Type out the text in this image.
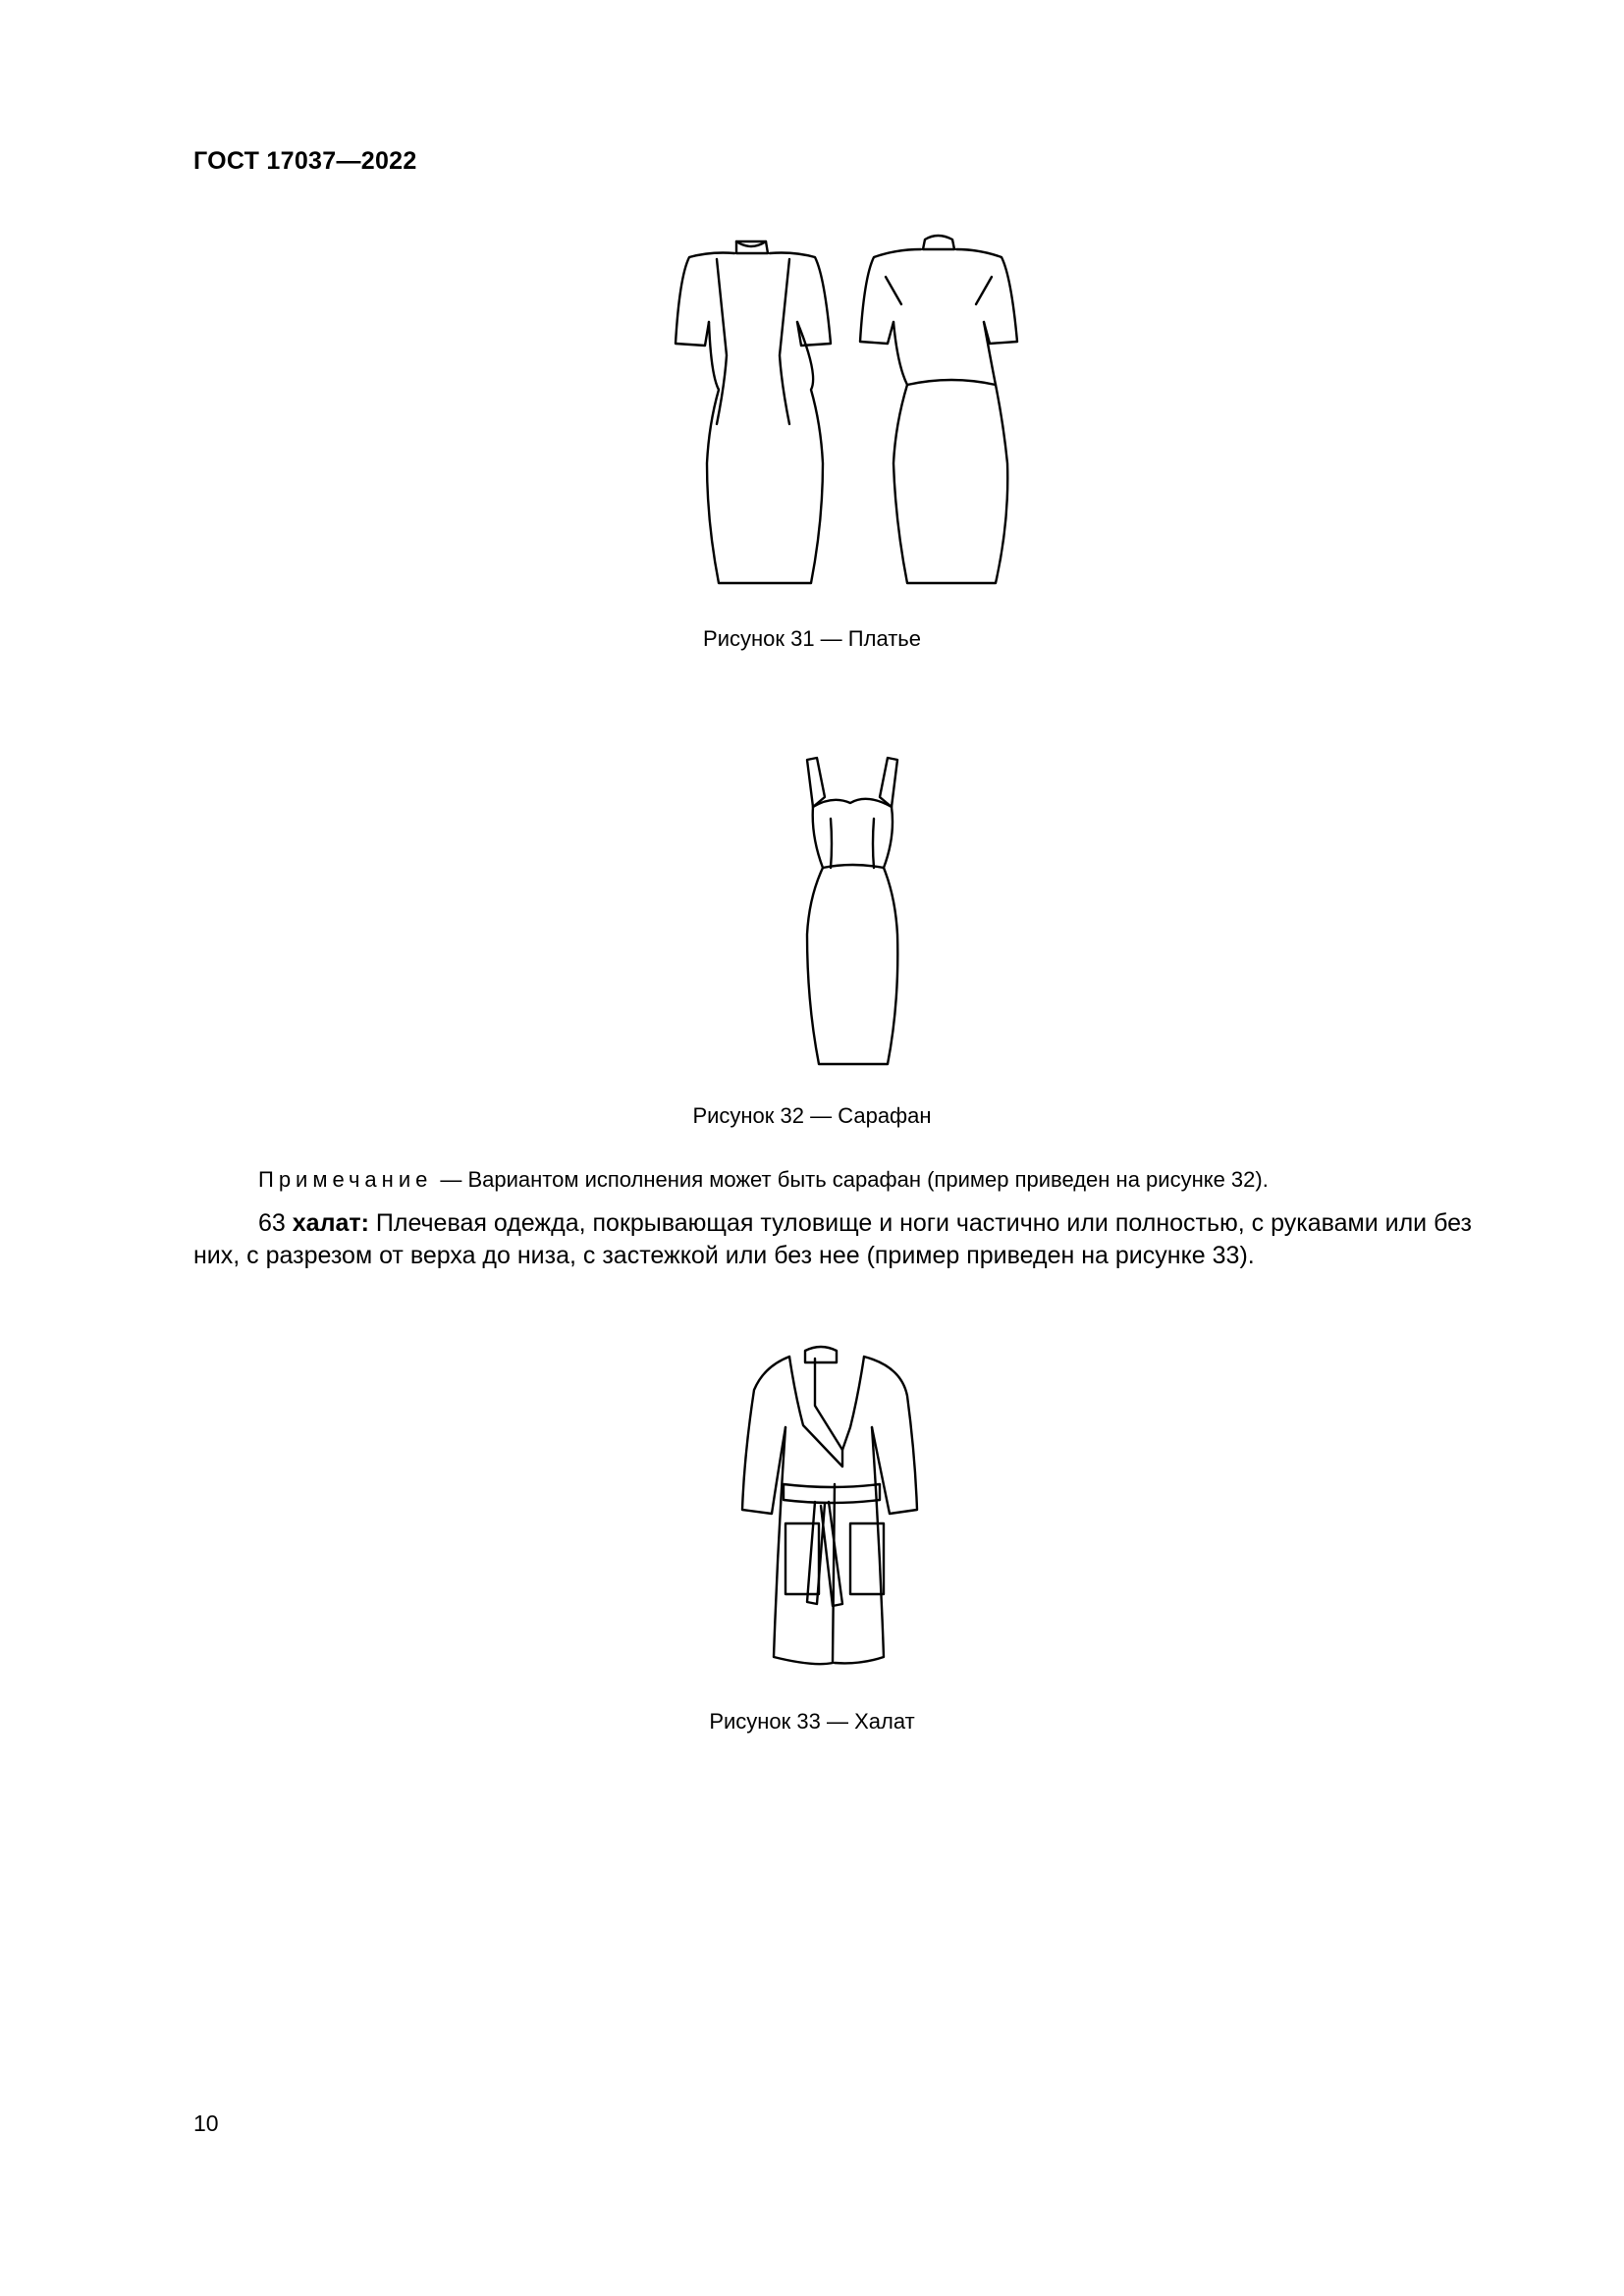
ГОСТ 17037—2022
Рисунок 31 — Платье
Рисунок 32 — Сарафан
Примечание — Вариантом исполнения может быть сарафан (пример приведен на рисунке 32).

63 халат: Плечевая одежда, покрывающая туловище и ноги частично или полностью, с рукавами или без них, с разрезом от верха до низа, с застежкой или без нее (пример приведен на рисунке 33).

Рисунок 33 — Халат
10
